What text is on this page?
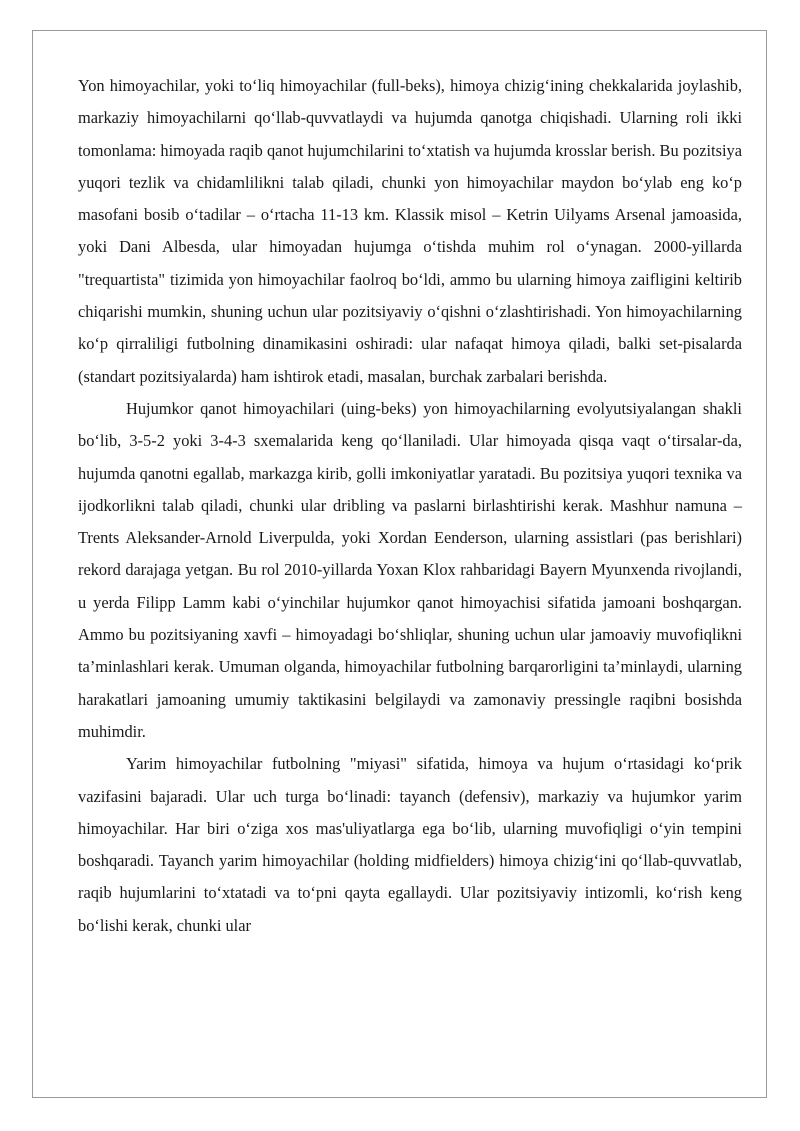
Yon himoyachilar, yoki to‘liq himoyachilar (full-beks), himoya chizig‘ining chekkalarida joylashib, markaziy himoyachilarni qo‘llab-quvvatlaydi va hujumda qanotga chiqishadi. Ularning roli ikki tomonlama: himoyada raqib qanot hujumchilarini to‘xtatish va hujumda krosslar berish. Bu pozitsiya yuqori tezlik va chidamlilikni talab qiladi, chunki yon himoyachilar maydon bo‘ylab eng ko‘p masofani bosib o‘tadilar – o‘rtacha 11-13 km. Klassik misol – Ketrin Uilyams Arsenal jamoasida, yoki Dani Albesda, ular himoyadan hujumga o‘tishda muhim rol o‘ynagan. 2000-yillarda "trequartista" tizimida yon himoyachilar faolroq bo‘ldi, ammo bu ularning himoya zaifligini keltirib chiqarishi mumkin, shuning uchun ular pozitsiyaviy o‘qishni o‘zlashtirishadi. Yon himoyachilarning ko‘p qirraliligi futbolning dinamikasini oshiradi: ular nafaqat himoya qiladi, balki set-pisalarda (standart pozitsiyalarda) ham ishtirok etadi, masalan, burchak zarbalari berishda.

Hujumkor qanot himoyachilari (uing-beks) yon himoyachilarning evolyutsiyalangan shakli bo‘lib, 3-5-2 yoki 3-4-3 sxemalarida keng qo‘llaniladi. Ular himoyada qisqa vaqt o‘tirsalar-da, hujumda qanotni egallab, markazga kirib, golli imkoniyatlar yaratadi. Bu pozitsiya yuqori texnika va ijodkorlikni talab qiladi, chunki ular dribling va paslarni birlashtirishi kerak. Mashhur namuna – Trents Aleksander-Arnold Liverpulda, yoki Xordan Eenderson, ularning assistlari (pas berishlari) rekord darajaga yetgan. Bu rol 2010-yillarda Yoxan Klox rahbaridagi Bayern Myunxenda rivojlandi, u yerda Filipp Lamm kabi o‘yinchilar hujumkor qanot himoyachisi sifatida jamoani boshqargan. Ammo bu pozitsiyaning xavfi – himoyadagi bo‘shliqlar, shuning uchun ular jamoaviy muvofiqlikni ta’minlashlari kerak. Umuman olganda, himoyachilar futbolning barqarorligini ta’minlaydi, ularning harakatlari jamoaning umumiy taktikasini belgilaydi va zamonaviy pressingle raqibni bosishda muhimdir.

Yarim himoyachilar futbolning "miyasi" sifatida, himoya va hujum o‘rtasidagi ko‘prik vazifasini bajaradi. Ular uch turga bo‘linadi: tayanch (defensiv), markaziy va hujumkor yarim himoyachilar. Har biri o‘ziga xos mas'uliyatlarga ega bo‘lib, ularning muvofiqligi o‘yin tempini boshqaradi. Tayanch yarim himoyachilar (holding midfielders) himoya chizig‘ini qo‘llab-quvvatlab, raqib hujumlarini to‘xtatadi va to‘pni qayta egallaydi. Ular pozitsiyaviy intizomli, ko‘rish keng bo‘lishi kerak, chunki ular
